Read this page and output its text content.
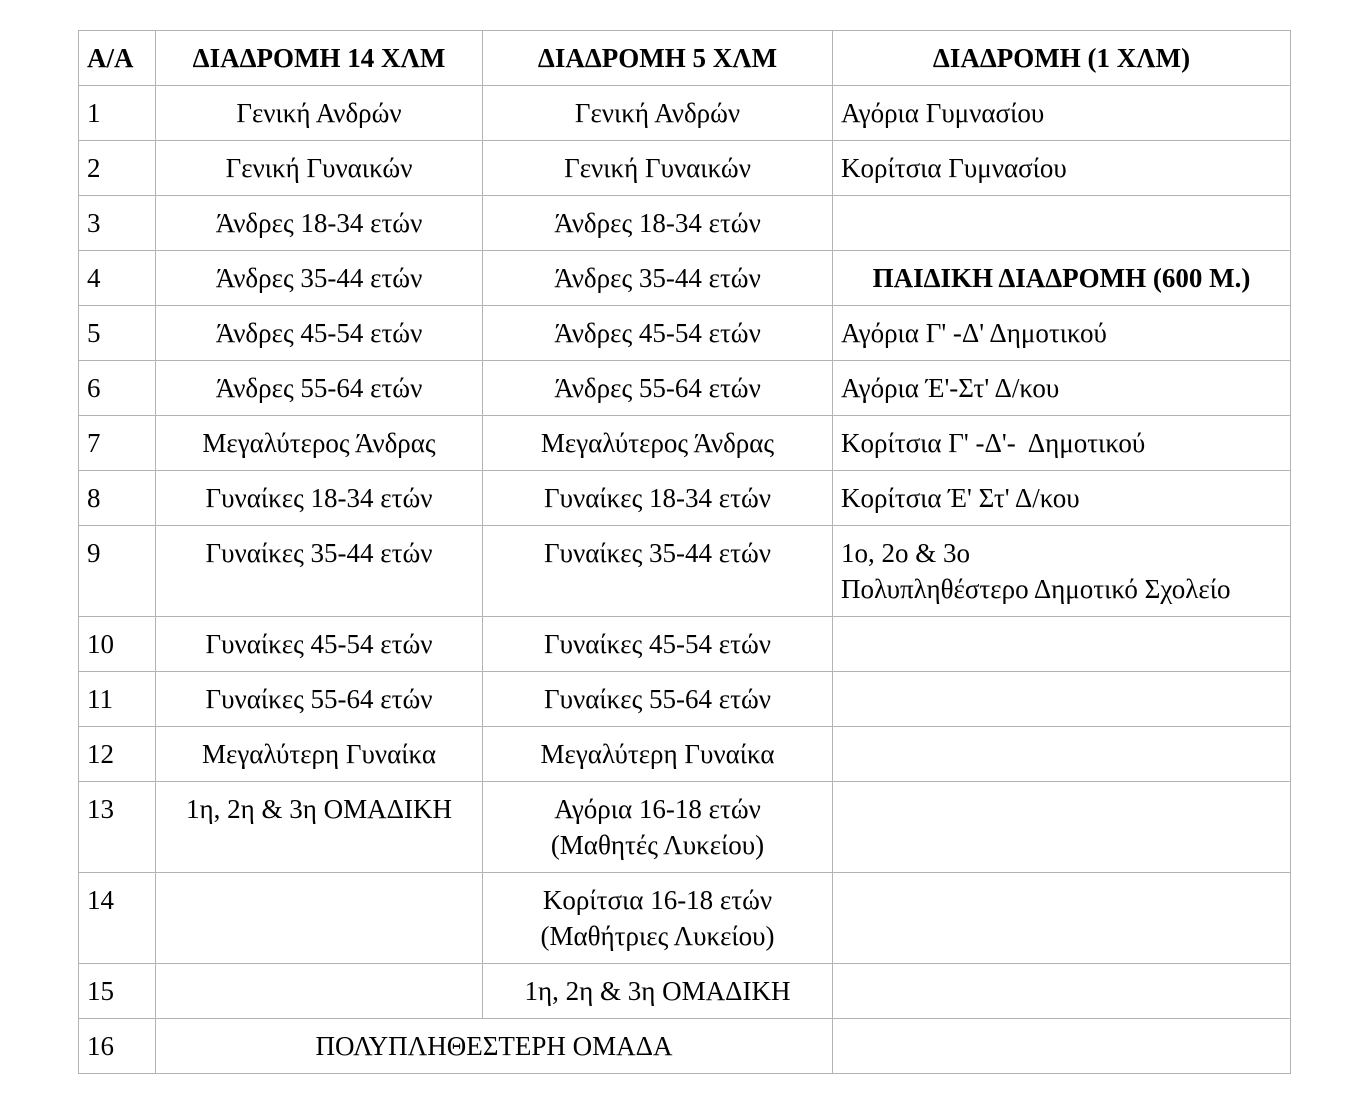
Α/Α	ΔΙΑΔΡΟΜΗ 14 ΧΛΜ	ΔΙΑΔΡΟΜΗ 5 ΧΛΜ	ΔΙΑΔΡΟΜΗ (1 ΧΛΜ)
1	Γενική Ανδρών	Γενική Ανδρών	Αγόρια Γυμνασίου
2	Γενική Γυναικών	Γενική Γυναικών	Κορίτσια Γυμνασίου
3	Άνδρες 18-34 ετών	Άνδρες 18-34 ετών	
4	Άνδρες 35-44 ετών	Άνδρες 35-44 ετών	ΠΑΙΔΙΚΗ ΔΙΑΔΡΟΜΗ (600 Μ.)
5	Άνδρες 45-54 ετών	Άνδρες 45-54 ετών	Αγόρια Γ' -Δ' Δημοτικού
6	Άνδρες 55-64 ετών	Άνδρες 55-64 ετών	Αγόρια Έ'-Στ' Δ/κου
7	Μεγαλύτερος Άνδρας	Μεγαλύτερος Άνδρας	Κορίτσια Γ' -Δ'-  Δημοτικού
8	Γυναίκες 18-34 ετών	Γυναίκες 18-34 ετών	Κορίτσια Έ' Στ' Δ/κου
9	Γυναίκες 35-44 ετών	Γυναίκες 35-44 ετών	1ο, 2ο & 3ο
Πολυπληθέστερο Δημοτικό Σχολείο

10	Γυναίκες 45-54 ετών	Γυναίκες 45-54 ετών	
11	Γυναίκες 55-64 ετών	Γυναίκες 55-64 ετών	
12	Μεγαλύτερη Γυναίκα	Μεγαλύτερη Γυναίκα	
13	1η, 2η & 3η ΟΜΑΔΙΚΗ	Αγόρια 16-18 ετών
(Μαθητές Λυκείου)	

14		Κορίτσια 16-18 ετών
(Μαθήτριες Λυκείου)	

15		1η, 2η & 3η ΟΜΑΔΙΚΗ	
16	ΠΟΛΥΠΛΗΘΕΣΤΕΡΗ ΟΜΑΔΑ		
